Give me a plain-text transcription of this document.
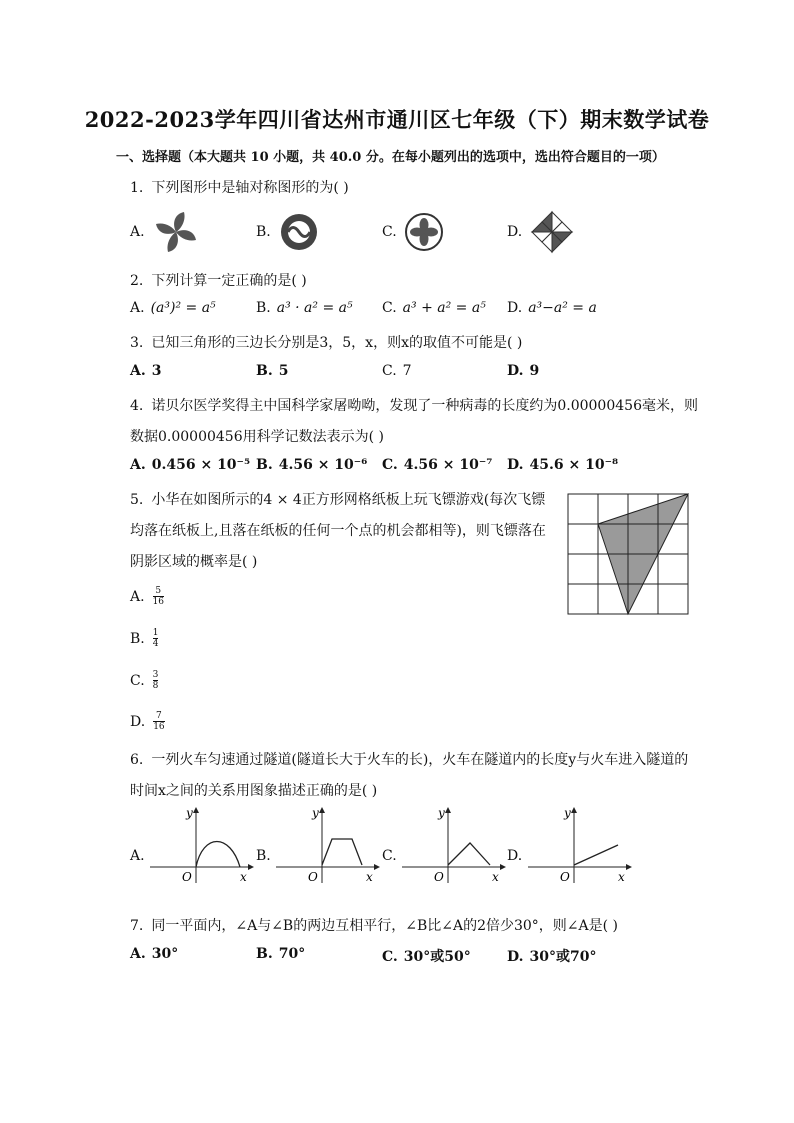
2022-2023学年四川省达州市通川区七年级（下）期末数学试卷
一、选择题（本大题共 10 小题，共 40.0 分。在每小题列出的选项中，选出符合题目的一项）
1. 下列图形中是轴对称图形的为( )
A.	B.	C.	D.
2. 下列计算一定正确的是( )
A. (a³)² = a⁵	B. a³ · a² = a⁵ C. a³ + a² = a⁵ D. a³−a² = a
3. 已知三角形的三边长分别是3，5，x，则x的取值不可能是( )
A. 3	B. 5	C. 7	D. 9
4. 诺贝尔医学奖得主中国科学家屠呦呦，发现了一种病毒的长度约为0.00000456毫米，则
数据0.00000456用科学记数法表示为( )
A. 0.456 × 10⁻⁵ B. 4.56 × 10⁻⁶ C. 4.56 × 10⁻⁷ D. 45.6 × 10⁻⁸
5. 小华在如图所示的4 × 4正方形网格纸板上玩飞镖游戏(每次飞镖
均落在纸板上,且落在纸板的任何一个点的机会都相等)，则飞镖落在
阴影区域的概率是( )
A. $\frac{5}{16}$
B. $\frac{1}{4}$
C. $\frac{3}{8}$
D. $\frac{7}{16}$
6. 一列火车匀速通过隧道(隧道长大于火车的长)，火车在隧道内的长度y与火车进入隧道的
时间x之间的关系用图象描述正确的是( )
A.	B.	C.	D.
y
x
O
y
x
O
y
x
O
y
x
O
7. 同一平面内，∠A与∠B的两边互相平行，∠B比∠A的2倍少30°，则∠A是( )
A. 30°	B. 70°	C. 30°或50°	D. 30°或70°
